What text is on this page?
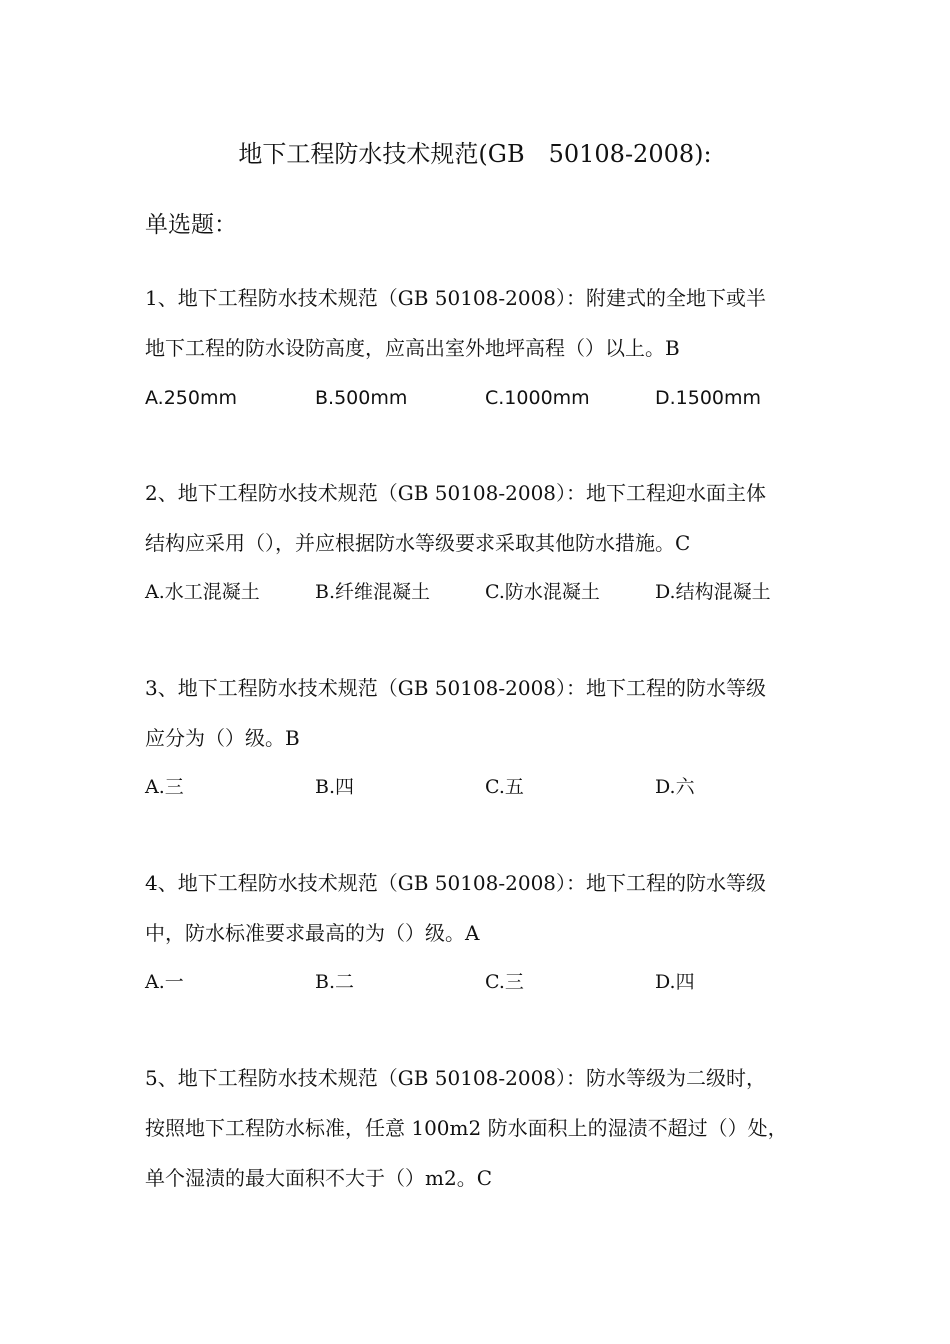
地下工程防水技术规范(GB　50108-2008):
单选题：
1、地下工程防水技术规范（GB 50108-2008）：附建式的全地下或半
地下工程的防水设防高度，应高出室外地坪高程（）以上。B
A.250mm	B.500mm	C.1000mm	D.1500mm
2、地下工程防水技术规范（GB 50108-2008）：地下工程迎水面主体
结构应采用（），并应根据防水等级要求采取其他防水措施。C
A.水工混凝土	B.纤维混凝土	C.防水混凝土	D.结构混凝土
3、地下工程防水技术规范（GB 50108-2008）：地下工程的防水等级
应分为（）级。B
A.三	B.四	C.五	D.六
4、地下工程防水技术规范（GB 50108-2008）：地下工程的防水等级
中，防水标准要求最高的为（）级。A
A.一	B.二	C.三	D.四
5、地下工程防水技术规范（GB 50108-2008）：防水等级为二级时，
按照地下工程防水标准，任意 100m2 防水面积上的湿渍不超过（）处，
单个湿渍的最大面积不大于（）m2。C
